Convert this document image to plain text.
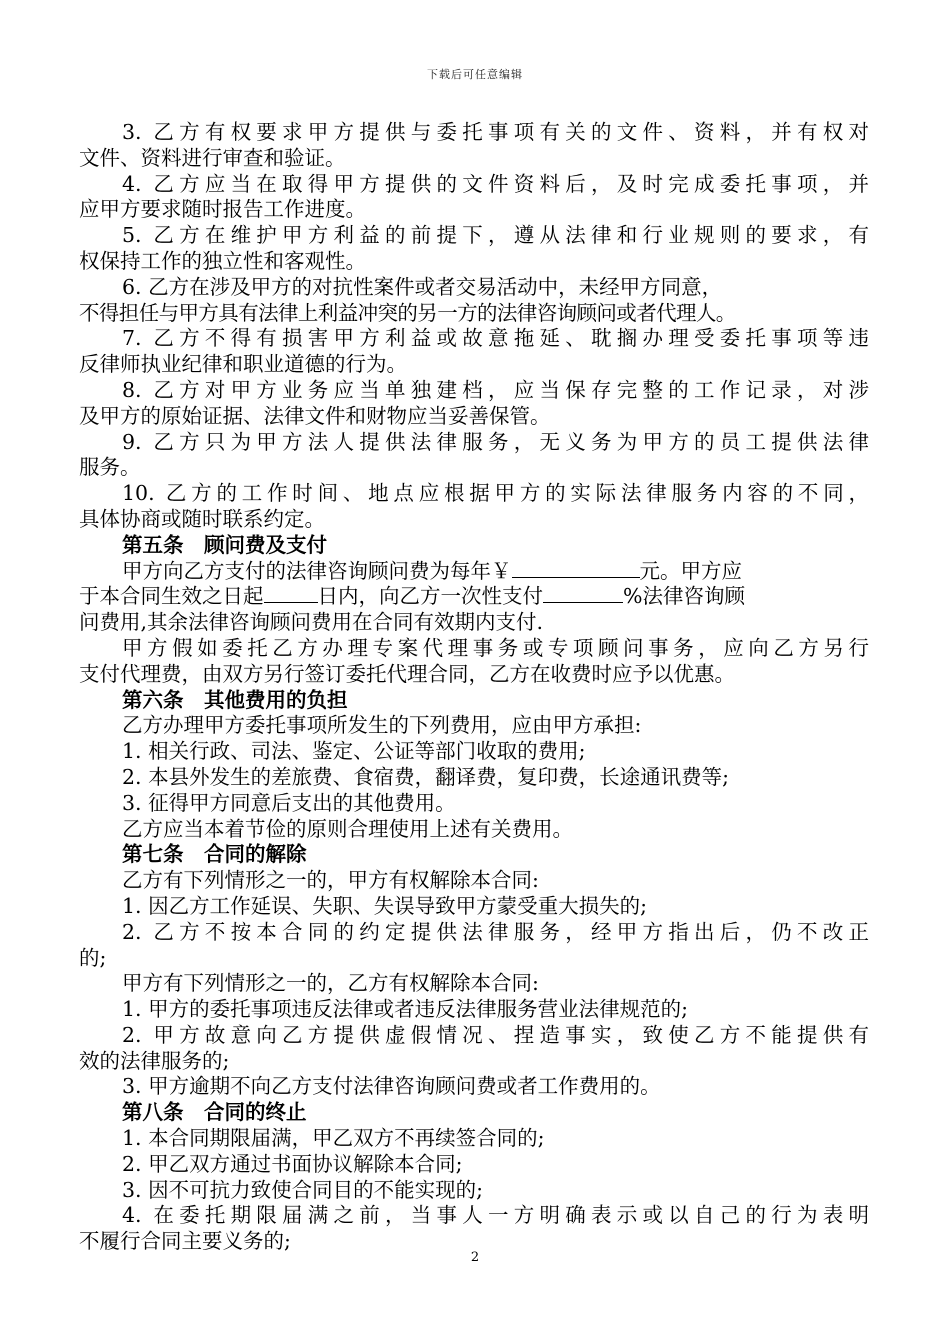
下载后可任意编辑

3. 乙方有权要求甲方提供与委托事项有关的文件、资料，并有权对

文件、资料进行审查和验证。

4. 乙方应当在取得甲方提供的文件资料后，及时完成委托事项，并

应甲方要求随时报告工作进度。

5. 乙方在维护甲方利益的前提下，遵从法律和行业规则的要求，有

权保持工作的独立性和客观性。

6. 乙方在涉及甲方的对抗性案件或者交易活动中，未经甲方同意，

不得担任与甲方具有法律上利益冲突的另一方的法律咨询顾问或者代理人。

7. 乙方不得有损害甲方利益或故意拖延、耽搁办理受委托事项等违

反律师执业纪律和职业道德的行为。

8. 乙方对甲方业务应当单独建档，应当保存完整的工作记录，对涉

及甲方的原始证据、法律文件和财物应当妥善保管。

9. 乙方只为甲方法人提供法律服务，无义务为甲方的员工提供法律

服务。

10. 乙方的工作时间、地点应根据甲方的实际法律服务内容的不同，

具体协商或随时联系约定。

第五条　顾问费及支付

甲方向乙方支付的法律咨询顾问费为每年￥	元。甲方应

于本合同生效之日起	日内，向乙方一次性支付	%法律咨询顾

问费用,其余法律咨询顾问费用在合同有效期内支付.

甲方假如委托乙方办理专案代理事务或专项顾问事务，应向乙方另行

支付代理费，由双方另行签订委托代理合同，乙方在收费时应予以优惠。

第六条　其他费用的负担

乙方办理甲方委托事项所发生的下列费用，应由甲方承担:

1. 相关行政、司法、鉴定、公证等部门收取的费用;

2. 本县外发生的差旅费、食宿费，翻译费，复印费，长途通讯费等;

3. 征得甲方同意后支出的其他费用。

乙方应当本着节俭的原则合理使用上述有关费用。

第七条　合同的解除

乙方有下列情形之一的，甲方有权解除本合同:

1. 因乙方工作延误、失职、失误导致甲方蒙受重大损失的;

2. 乙方不按本合同的约定提供法律服务，经甲方指出后，仍不改正

的;

甲方有下列情形之一的，乙方有权解除本合同:

1. 甲方的委托事项违反法律或者违反法律服务营业法律规范的;

2. 甲方故意向乙方提供虚假情况、捏造事实，致使乙方不能提供有

效的法律服务的;

3. 甲方逾期不向乙方支付法律咨询顾问费或者工作费用的。

第八条　合同的终止

1. 本合同期限届满，甲乙双方不再续签合同的;

2. 甲乙双方通过书面协议解除本合同;

3. 因不可抗力致使合同目的不能实现的;

4. 在委托期限届满之前，当事人一方明确表示或以自己的行为表明

不履行合同主要义务的;

2
